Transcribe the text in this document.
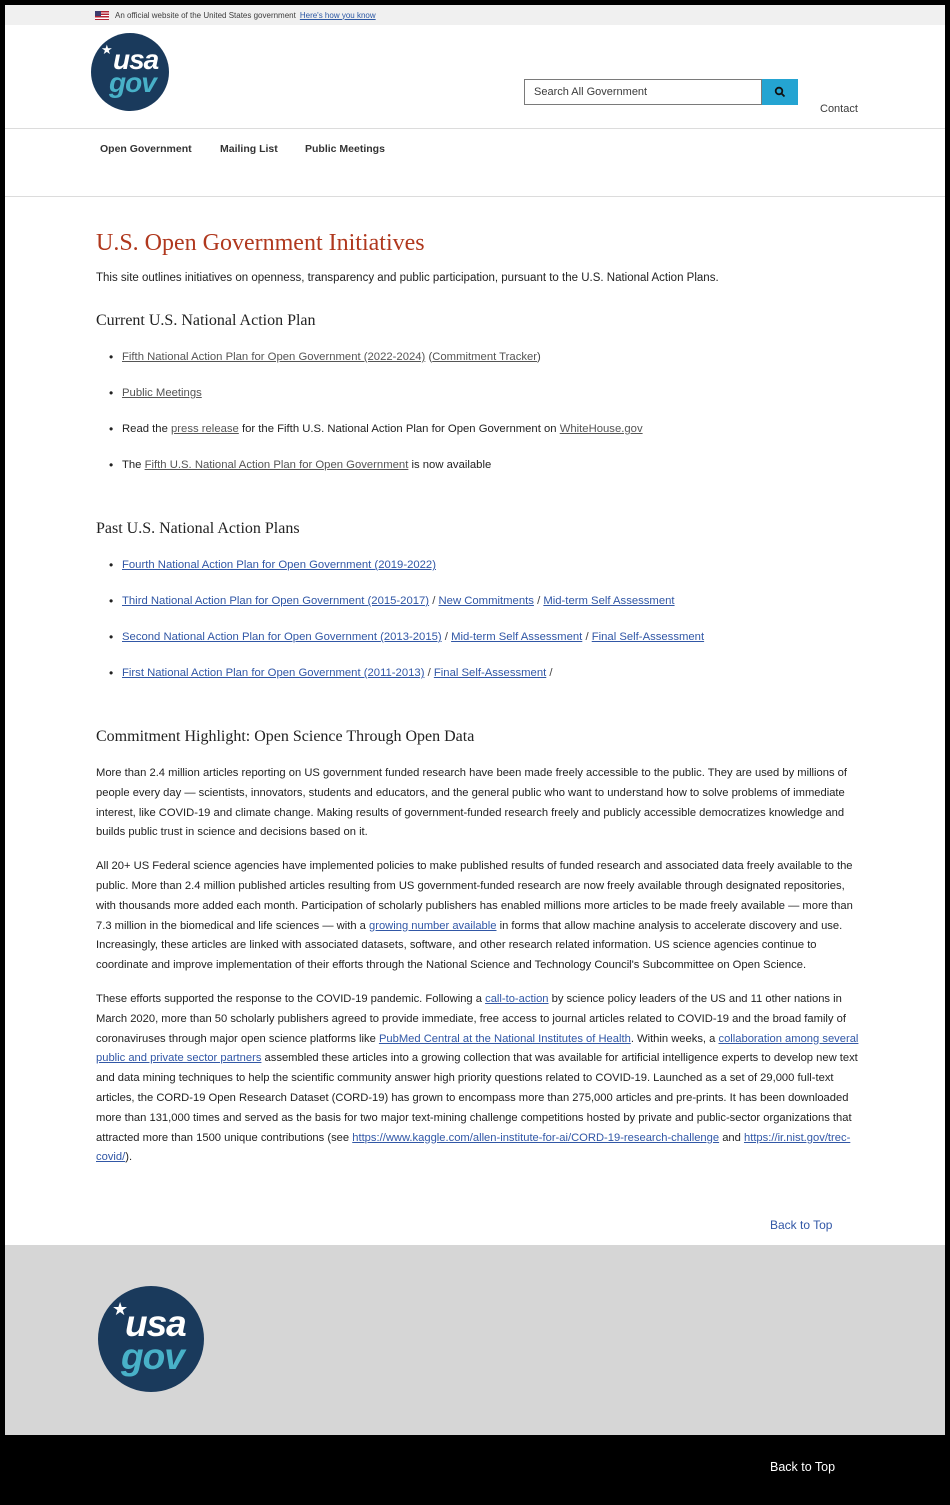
An official website of the United States government Here's how you know
★ usa
gov
Search All Government
Contact
Open Government	Mailing List	Public Meetings
U.S. Open Government Initiatives

This site outlines initiatives on openness, transparency and public participation, pursuant to the U.S. National Action Plans.

Current U.S. National Action Plan
• Fifth National Action Plan for Open Government (2022-2024) (Commitment Tracker)
• Public Meetings
• Read the press release for the Fifth U.S. National Action Plan for Open Government on WhiteHouse.gov
• The Fifth U.S. National Action Plan for Open Government is now available
Past U.S. National Action Plans
• Fourth National Action Plan for Open Government (2019-2022)
• Third National Action Plan for Open Government (2015-2017) / New Commitments / Mid-term Self Assessment
• Second National Action Plan for Open Government (2013-2015) / Mid-term Self Assessment / Final Self-Assessment
• First National Action Plan for Open Government (2011-2013) / Final Self-Assessment /
Commitment Highlight: Open Science Through Open Data

More than 2.4 million articles reporting on US government funded research have been made freely accessible to the public. They are used by millions of people every day — scientists, innovators, students and educators, and the general public who want to understand how to solve problems of immediate interest, like COVID-19 and climate change. Making results of government-funded research freely and publicly accessible democratizes knowledge and builds public trust in science and decisions based on it.

All 20+ US Federal science agencies have implemented policies to make published results of funded research and associated data freely available to the public. More than 2.4 million published articles resulting from US government-funded research are now freely available through designated repositories, with thousands more added each month. Participation of scholarly publishers has enabled millions more articles to be made freely available — more than 7.3 million in the biomedical and life sciences — with a growing number available in forms that allow machine analysis to accelerate discovery and use. Increasingly, these articles are linked with associated datasets, software, and other research related information. US science agencies continue to coordinate and improve implementation of their efforts through the National Science and Technology Council's Subcommittee on Open Science.

These efforts supported the response to the COVID-19 pandemic. Following a call-to-action by science policy leaders of the US and 11 other nations in March 2020, more than 50 scholarly publishers agreed to provide immediate, free access to journal articles related to COVID-19 and the broad family of coronaviruses through major open science platforms like PubMed Central at the National Institutes of Health. Within weeks, a collaboration among several public and private sector partners assembled these articles into a growing collection that was available for artificial intelligence experts to develop new text and data mining techniques to help the scientific community answer high priority questions related to COVID-19. Launched as a set of 29,000 full-text articles, the CORD-19 Open Research Dataset (CORD-19) has grown to encompass more than 275,000 articles and pre-prints. It has been downloaded more than 131,000 times and served as the basis for two major text-mining challenge competitions hosted by private and public-sector organizations that attracted more than 1500 unique contributions (see https://www.kaggle.com/allen-institute-for-ai/CORD-19-research-challenge and https://ir.nist.gov/trec-covid/).

Back to Top
★
usa
gov
Back to Top
